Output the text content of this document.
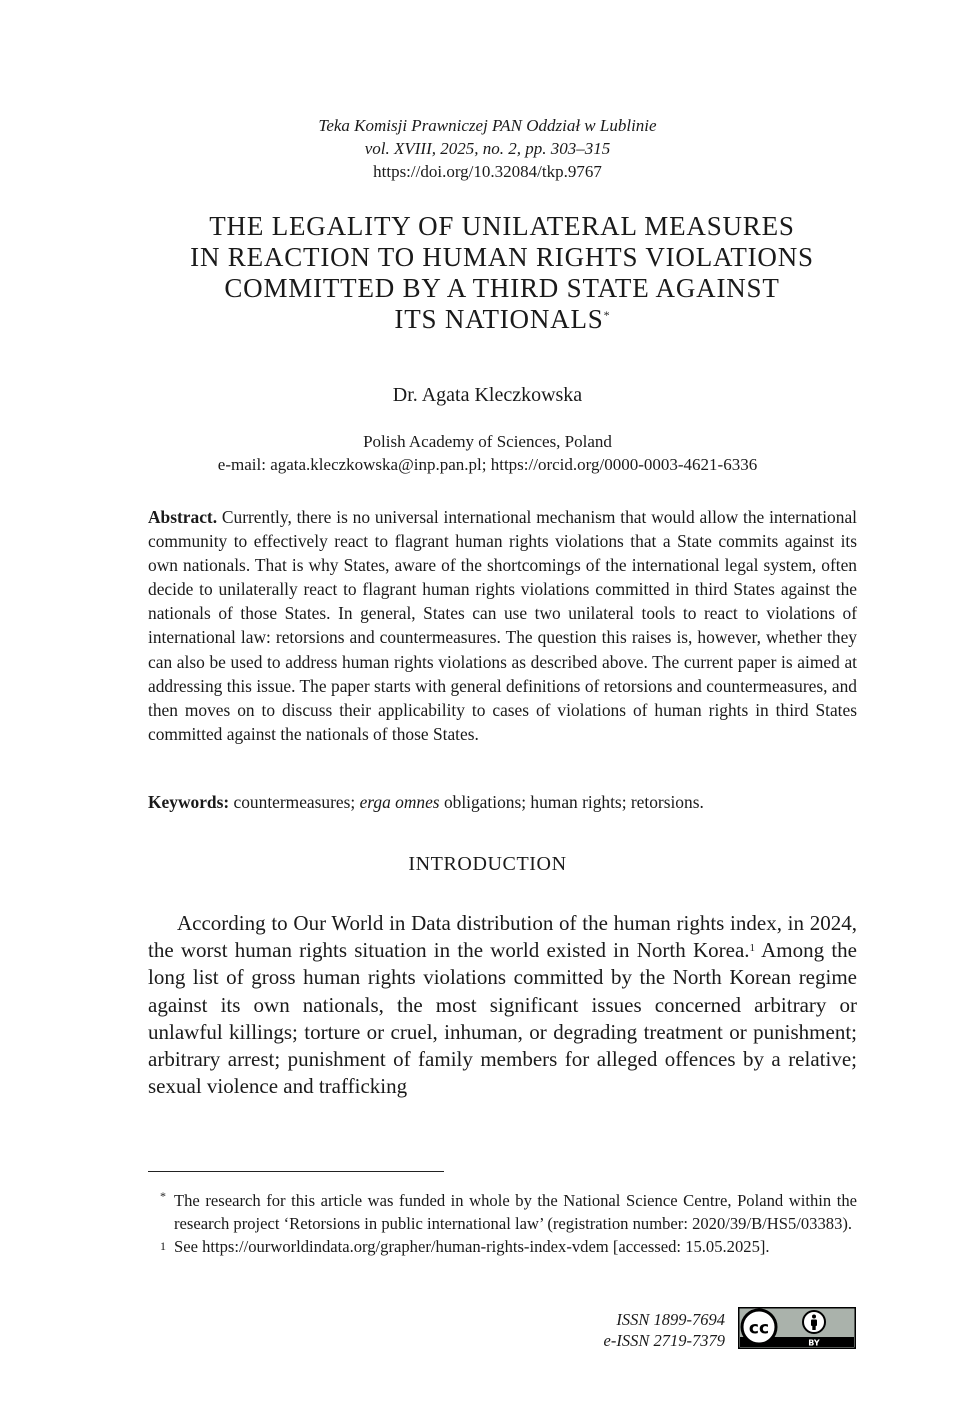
Teka Komisji Prawniczej PAN Oddział w Lublinie
vol. XVIII, 2025, no. 2, pp. 303–315
https://doi.org/10.32084/tkp.9767
THE LEGALITY OF UNILATERAL MEASURES
IN REACTION TO HUMAN RIGHTS VIOLATIONS
COMMITTED BY A THIRD STATE AGAINST
ITS NATIONALS*
Dr. Agata Kleczkowska
Polish Academy of Sciences, Poland
e-mail: agata.kleczkowska@inp.pan.pl; https://orcid.org/0000-0003-4621-6336
Abstract. Currently, there is no universal international mechanism that would allow the international community to effectively react to flagrant human rights violations that a State commits against its own nationals. That is why States, aware of the shortcomings of the international legal system, often decide to unilaterally react to flagrant human rights violations committed in third States against the nationals of those States. In general, States can use two unilateral tools to react to violations of international law: retorsions and countermeasures. The question this raises is, however, whether they can also be used to address human rights violations as described above. The current paper is aimed at addressing this issue. The paper starts with general definitions of retorsions and countermeasures, and then moves on to discuss their applicability to cases of violations of human rights in third States committed against the nationals of those States.
Keywords: countermeasures; erga omnes obligations; human rights; retorsions.
INTRODUCTION
According to Our World in Data distribution of the human rights index, in 2024, the worst human rights situation in the world existed in North Korea.$^1$ Among the long list of gross human rights violations committed by the North Korean regime against its own nationals, the most significant issues concerned arbitrary or unlawful killings; torture or cruel, inhuman, or degrading treatment or punishment; arbitrary arrest; punishment of family members for alleged offences by a relative; sexual violence and trafficking
* The research for this article was funded in whole by the National Science Centre, Poland within the research project ‘Retorsions in public international law’ (registration number: 2020/39/B/HS5/03383).
1 See https://ourworldindata.org/grapher/human-rights-index-vdem [accessed: 15.05.2025].
ISSN 1899-7694
e-ISSN 2719-7379
cc
BY
